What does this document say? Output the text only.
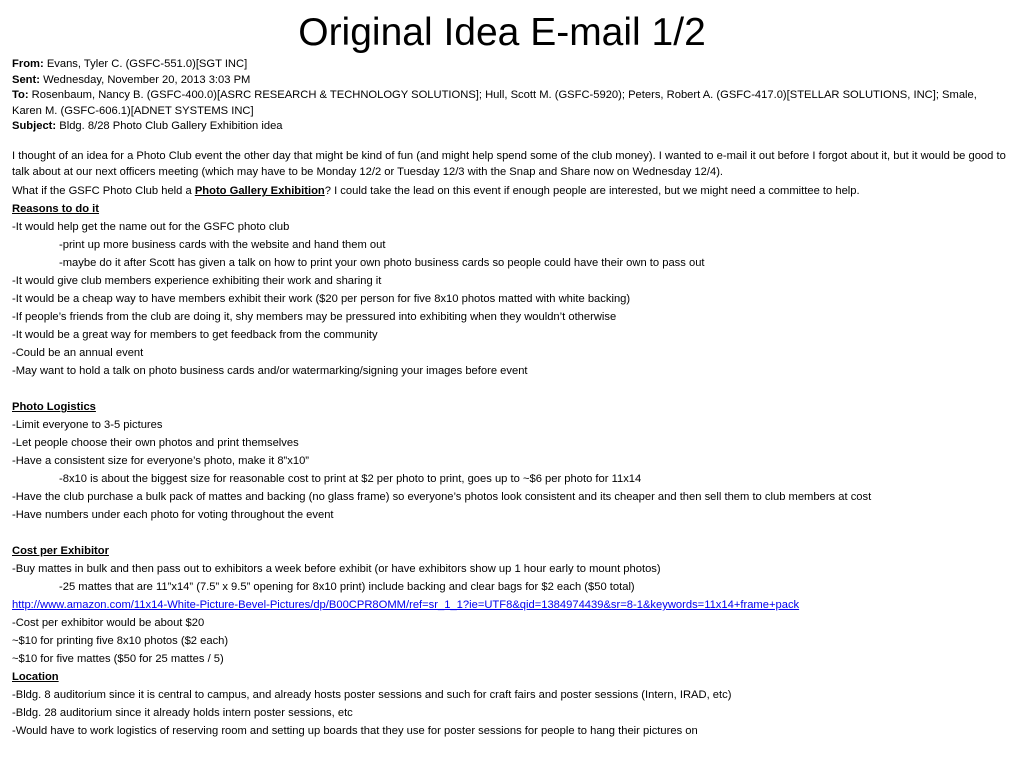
Original Idea E-mail 1/2
From: Evans, Tyler C. (GSFC-551.0)[SGT INC]
Sent: Wednesday, November 20, 2013 3:03 PM
To: Rosenbaum, Nancy B. (GSFC-400.0)[ASRC RESEARCH & TECHNOLOGY SOLUTIONS]; Hull, Scott M. (GSFC-5920); Peters, Robert A. (GSFC-417.0)[STELLAR SOLUTIONS, INC]; Smale, Karen M. (GSFC-606.1)[ADNET SYSTEMS INC]
Subject: Bldg. 8/28 Photo Club Gallery Exhibition idea
I thought of an idea for a Photo Club event the other day that might be kind of fun (and might help spend some of the club money). I wanted to e-mail it out before I forgot about it, but it would be good to talk about at our next officers meeting (which may have to be Monday 12/2 or Tuesday 12/3 with the Snap and Share now on Wednesday 12/4).
What if the GSFC Photo Club held a Photo Gallery Exhibition? I could take the lead on this event if enough people are interested, but we might need a committee to help.
Reasons to do it
-It would help get the name out for the GSFC photo club
-print up more business cards with the website and hand them out
-maybe do it after Scott has given a talk on how to print your own photo business cards so people could have their own to pass out
-It would give club members experience exhibiting their work and sharing it
-It would be a cheap way to have members exhibit their work ($20 per person for five 8x10 photos matted with white backing)
-If people’s friends from the club are doing it, shy members may be pressured into exhibiting when they wouldn’t otherwise
-It would be a great way for members to get feedback from the community
-Could be an annual event
-May want to hold a talk on photo business cards and/or watermarking/signing your images before event
Photo Logistics
-Limit everyone to 3-5 pictures
-Let people choose their own photos and print themselves
-Have a consistent size for everyone’s photo, make it 8”x10”
-8x10 is about the biggest size for reasonable cost to print at $2 per photo to print, goes up to ~$6 per photo for 11x14
-Have the club purchase a bulk pack of mattes and backing (no glass frame) so everyone’s photos look consistent and its cheaper and then sell them to club members at cost
-Have numbers under each photo for voting throughout the event
Cost per Exhibitor
-Buy mattes in bulk and then pass out to exhibitors a week before exhibit (or have exhibitors show up 1 hour early to mount photos)
-25 mattes that are 11”x14” (7.5” x 9.5” opening for 8x10 print) include backing and clear bags for $2 each ($50 total)
http://www.amazon.com/11x14-White-Picture-Bevel-Pictures/dp/B00CPR8OMM/ref=sr_1_1?ie=UTF8&qid=1384974439&sr=8-1&keywords=11x14+frame+pack
-Cost per exhibitor would be about $20
~$10 for printing five 8x10 photos ($2 each)
~$10 for five mattes ($50 for 25 mattes / 5)
Location
-Bldg. 8 auditorium since it is central to campus, and already hosts poster sessions and such for craft fairs and poster sessions (Intern, IRAD, etc)
-Bldg. 28 auditorium since it already holds intern poster sessions, etc
-Would have to work logistics of reserving room and setting up boards that they use for poster sessions for people to hang their pictures on
